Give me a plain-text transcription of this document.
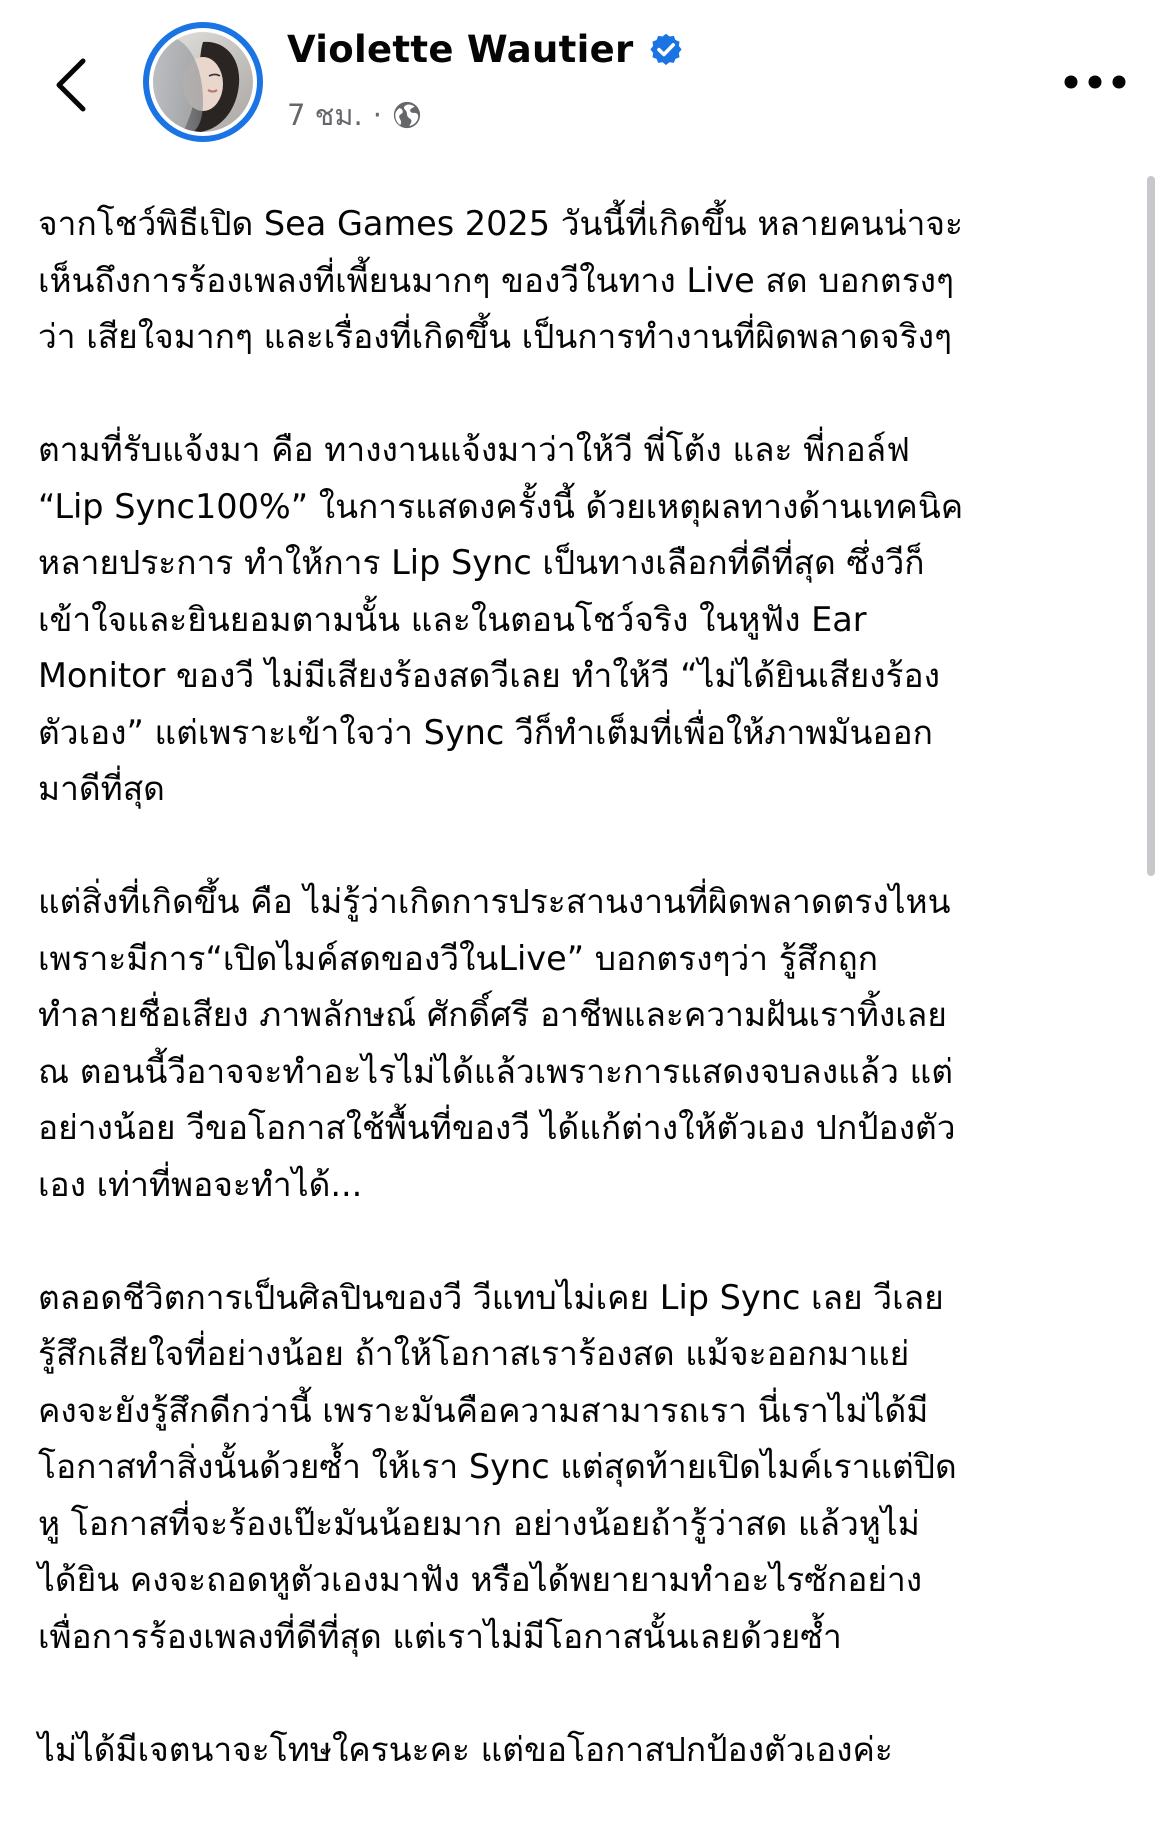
Violette Wautier
7 ชม. ·

จากโชว์พิธีเปิด Sea Games 2025 วันนี้ที่เกิดขึ้น หลายคนน่าจะ
เห็นถึงการร้องเพลงที่เพี้ยนมากๆ ของวีในทาง Live สด บอกตรงๆ
ว่า เสียใจมากๆ และเรื่องที่เกิดขึ้น เป็นการทำงานที่ผิดพลาดจริงๆ

ตามที่รับแจ้งมา คือ ทางงานแจ้งมาว่าให้วี พี่โต้ง และ พี่กอล์ฟ
“Lip Sync100%” ในการแสดงครั้งนี้ ด้วยเหตุผลทางด้านเทคนิค
หลายประการ ทำให้การ Lip Sync เป็นทางเลือกที่ดีที่สุด ซึ่งวีก็
เข้าใจและยินยอมตามนั้น และในตอนโชว์จริง ในหูฟัง Ear
Monitor ของวี ไม่มีเสียงร้องสดวีเลย ทำให้วี “ไม่ได้ยินเสียงร้อง
ตัวเอง” แต่เพราะเข้าใจว่า Sync วีก็ทำเต็มที่เพื่อให้ภาพมันออก
มาดีที่สุด

แต่สิ่งที่เกิดขึ้น คือ ไม่รู้ว่าเกิดการประสานงานที่ผิดพลาดตรงไหน
เพราะมีการ“เปิดไมค์สดของวีในLive” บอกตรงๆว่า รู้สึกถูก
ทำลายชื่อเสียง ภาพลักษณ์ ศักดิ์ศรี อาชีพและความฝันเราทิ้งเลย
ณ ตอนนี้วีอาจจะทำอะไรไม่ได้แล้วเพราะการแสดงจบลงแล้ว แต่
อย่างน้อย วีขอโอกาสใช้พื้นที่ของวี ได้แก้ต่างให้ตัวเอง ปกป้องตัว
เอง เท่าที่พอจะทำได้...

ตลอดชีวิตการเป็นศิลปินของวี วีแทบไม่เคย Lip Sync เลย วีเลย
รู้สึกเสียใจที่อย่างน้อย ถ้าให้โอกาสเราร้องสด แม้จะออกมาแย่
คงจะยังรู้สึกดีกว่านี้ เพราะมันคือความสามารถเรา นี่เราไม่ได้มี
โอกาสทำสิ่งนั้นด้วยซ้ำ ให้เรา Sync แต่สุดท้ายเปิดไมค์เราแต่ปิด
หู โอกาสที่จะร้องเป๊ะมันน้อยมาก อย่างน้อยถ้ารู้ว่าสด แล้วหูไม่
ได้ยิน คงจะถอดหูตัวเองมาฟัง หรือได้พยายามทำอะไรซักอย่าง
เพื่อการร้องเพลงที่ดีที่สุด แต่เราไม่มีโอกาสนั้นเลยด้วยซ้ำ

ไม่ได้มีเจตนาจะโทษใครนะคะ แต่ขอโอกาสปกป้องตัวเองค่ะ
